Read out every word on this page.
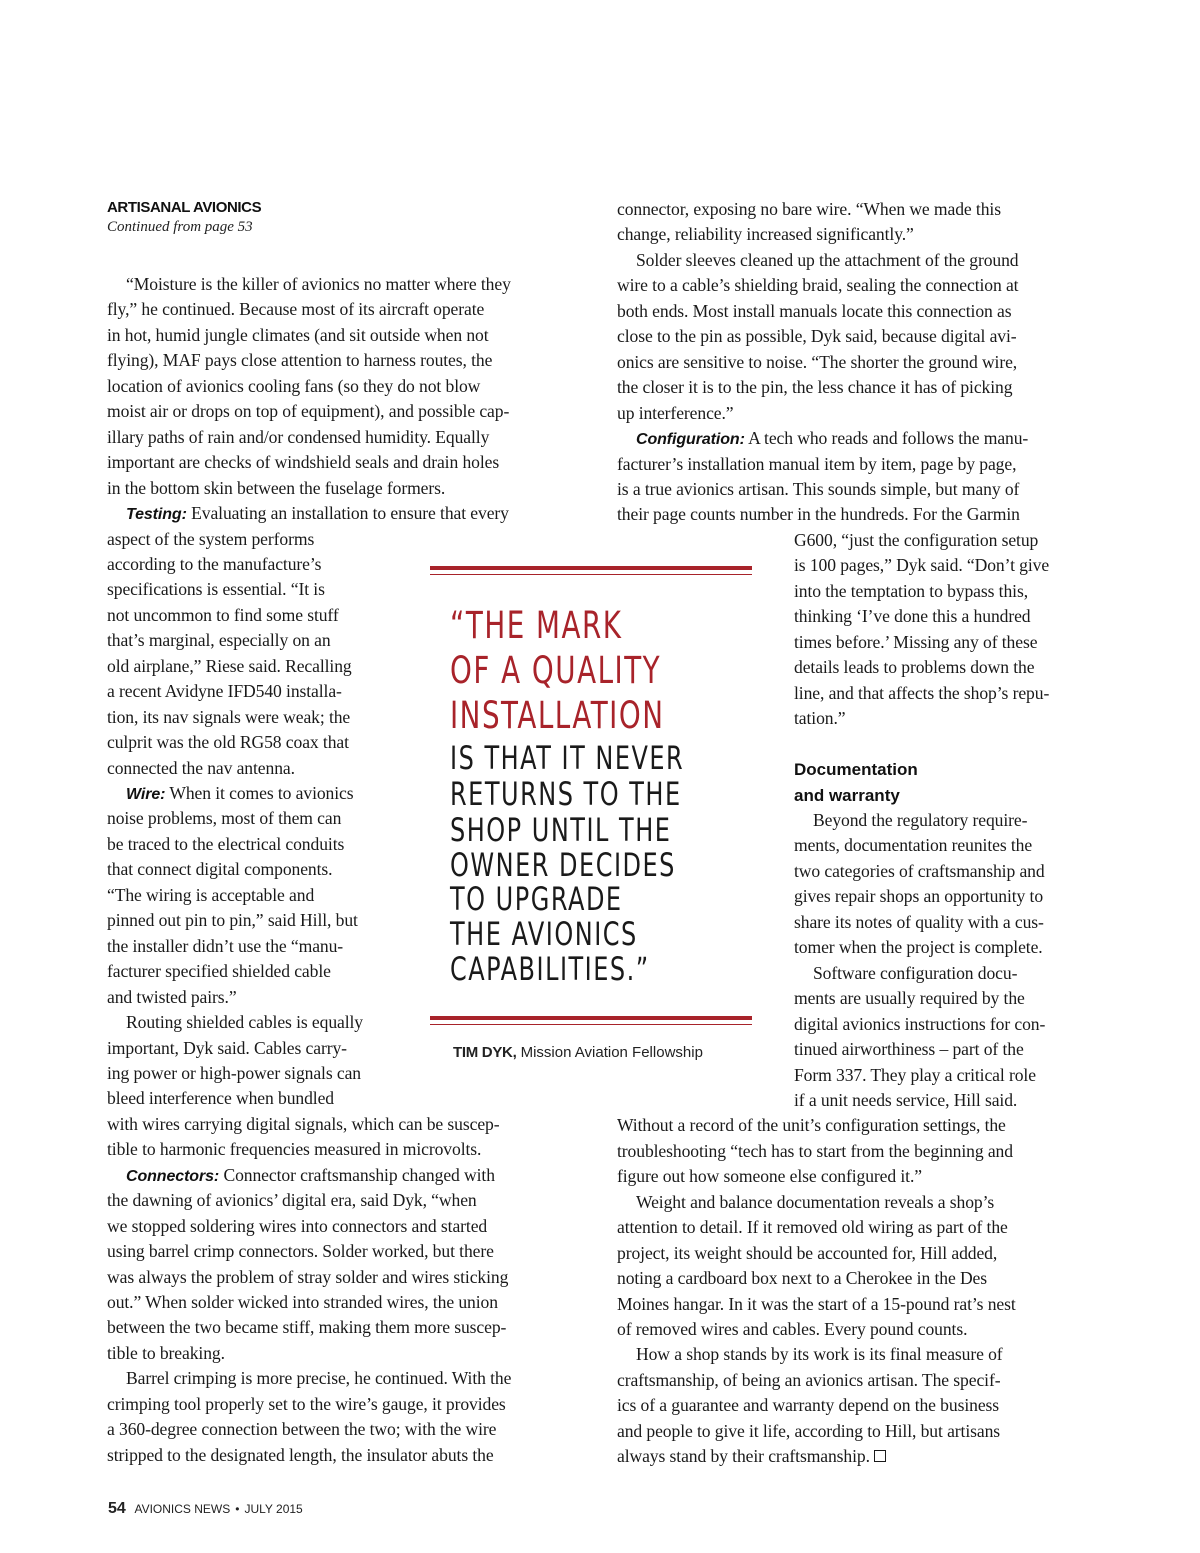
ARTISANAL AVIONICS
Continued from page 53
“Moisture is the killer of avionics no matter where they
fly,” he continued. Because most of its aircraft operate
in hot, humid jungle climates (and sit outside when not
flying), MAF pays close attention to harness routes, the
location of avionics cooling fans (so they do not blow
moist air or drops on top of equipment), and possible cap-
illary paths of rain and/or condensed humidity. Equally
important are checks of windshield seals and drain holes
in the bottom skin between the fuselage formers.
Testing: Evaluating an installation to ensure that every
aspect of the system performs
according to the manufacture’s
specifications is essential. “It is
not uncommon to find some stuff
that’s marginal, especially on an
old airplane,” Riese said. Recalling
a recent Avidyne IFD540 installa-
tion, its nav signals were weak; the
culprit was the old RG58 coax that
connected the nav antenna.
Wire: When it comes to avionics
noise problems, most of them can
be traced to the electrical conduits
that connect digital components.
“The wiring is acceptable and
pinned out pin to pin,” said Hill, but
the installer didn’t use the “manu-
facturer specified shielded cable
and twisted pairs.”
Routing shielded cables is equally
important, Dyk said. Cables carry-
ing power or high-power signals can
bleed interference when bundled
with wires carrying digital signals, which can be suscep-
tible to harmonic frequencies measured in microvolts.
Connectors: Connector craftsmanship changed with
the dawning of avionics’ digital era, said Dyk, “when
we stopped soldering wires into connectors and started
using barrel crimp connectors. Solder worked, but there
was always the problem of stray solder and wires sticking
out.” When solder wicked into stranded wires, the union
between the two became stiff, making them more suscep-
tible to breaking.
Barrel crimping is more precise, he continued. With the
crimping tool properly set to the wire’s gauge, it provides
a 360-degree connection between the two; with the wire
stripped to the designated length, the insulator abuts the
connector, exposing no bare wire. “When we made this
change, reliability increased significantly.”
Solder sleeves cleaned up the attachment of the ground
wire to a cable’s shielding braid, sealing the connection at
both ends. Most install manuals locate this connection as
close to the pin as possible, Dyk said, because digital avi-
onics are sensitive to noise. “The shorter the ground wire,
the closer it is to the pin, the less chance it has of picking
up interference.”
Configuration: A tech who reads and follows the manu-
facturer’s installation manual item by item, page by page,
is a true avionics artisan. This sounds simple, but many of
their page counts number in the hundreds. For the Garmin
G600, “just the configuration setup
is 100 pages,” Dyk said. “Don’t give
into the temptation to bypass this,
thinking ‘I’ve done this a hundred
times before.’ Missing any of these
details leads to problems down the
line, and that affects the shop’s repu-
tation.”
Beyond the regulatory require-
ments, documentation reunites the
two categories of craftsmanship and
gives repair shops an opportunity to
share its notes of quality with a cus-
tomer when the project is complete.
Software configuration docu-
ments are usually required by the
digital avionics instructions for con-
tinued airworthiness – part of the
Form 337. They play a critical role
if a unit needs service, Hill said.
Without a record of the unit’s configuration settings, the
troubleshooting “tech has to start from the beginning and
figure out how someone else configured it.”
Weight and balance documentation reveals a shop’s
attention to detail. If it removed old wiring as part of the
project, its weight should be accounted for, Hill added,
noting a cardboard box next to a Cherokee in the Des
Moines hangar. In it was the start of a 15-pound rat’s nest
of removed wires and cables. Every pound counts.
How a shop stands by its work is its final measure of
craftsmanship, of being an avionics artisan. The specif-
ics of a guarantee and warranty depend on the business
and people to give it life, according to Hill, but artisans
always stand by their craftsmanship.
Documentation
and warranty
“THE MARK
OF A QUALITY
INSTALLATION
IS THAT IT NEVER
RETURNS TO THE
SHOP UNTIL THE
OWNER DECIDES
TO UPGRADE
THE AVIONICS
CAPABILITIES.”
TIM DYK, Mission Aviation Fellowship
54 AVIONICS NEWS • JULY 2015
